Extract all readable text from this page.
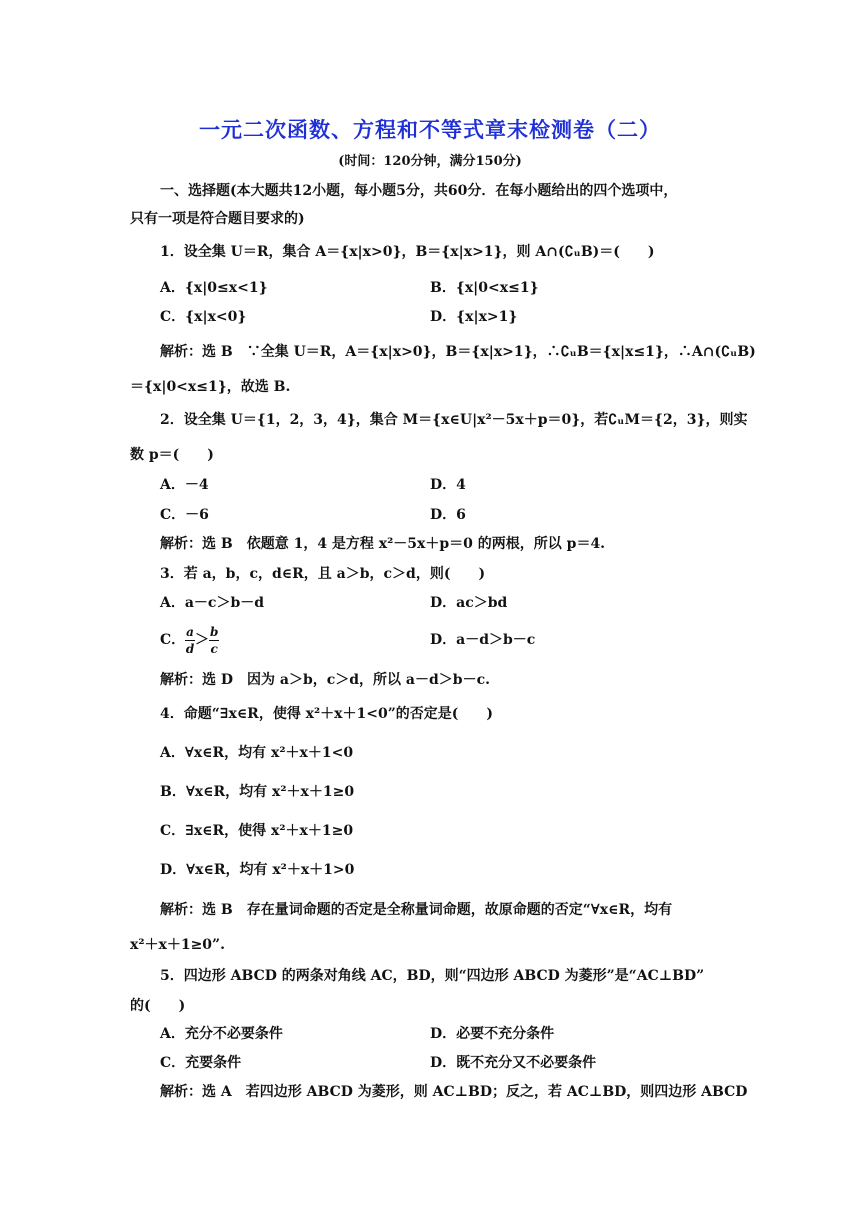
一元二次函数、方程和不等式章末检测卷（二）
(时间：120分钟，满分150分)
一、选择题(本大题共12小题，每小题5分，共60分．在每小题给出的四个选项中，
只有一项是符合题目要求的)
1．设全集 U＝R，集合 A＝{x|x>0}，B＝{x|x>1}，则 A∩(∁ᵤB)＝(　　)
A．{x|0≤x<1}	B．{x|0<x≤1}
C．{x|x<0}	D．{x|x>1}
解析：选 B　∵全集 U＝R，A＝{x|x>0}，B＝{x|x>1}，∴∁ᵤB＝{x|x≤1}，∴A∩(∁ᵤB)
＝{x|0<x≤1}，故选 B.
2．设全集 U＝{1，2，3，4}，集合 M＝{x∈U|x²－5x＋p＝0}，若∁ᵤM＝{2，3}，则实
数 p＝(　　)
A．－4	D．4
C．－6	D．6
解析：选 B　依题意 1，4 是方程 x²－5x＋p＝0 的两根，所以 p＝4.
3．若 a，b，c，d∈R，且 a＞b，c＞d，则(　　)
A．a－c＞b－d	D．ac＞bd
C． $\frac{a}{d} > \frac{b}{c}$	D．a－d＞b－c
解析：选 D　因为 a＞b，c＞d，所以 a－d＞b－c.
4．命题“∃x∈R，使得 x²＋x＋1<0”的否定是(　　)
A．∀x∈R，均有 x²＋x＋1<0
B．∀x∈R，均有 x²＋x＋1≥0
C．∃x∈R，使得 x²＋x＋1≥0
D．∀x∈R，均有 x²＋x＋1>0
解析：选 B　存在量词命题的否定是全称量词命题，故原命题的否定“∀x∈R，均有
x²＋x＋1≥0”.
5．四边形 ABCD 的两条对角线 AC，BD，则“四边形 ABCD 为菱形”是“AC⊥BD”
的(　　)
A．充分不必要条件	D．必要不充分条件
C．充要条件	D．既不充分又不必要条件
解析：选 A　若四边形 ABCD 为菱形，则 AC⊥BD；反之，若 AC⊥BD，则四边形 ABCD
